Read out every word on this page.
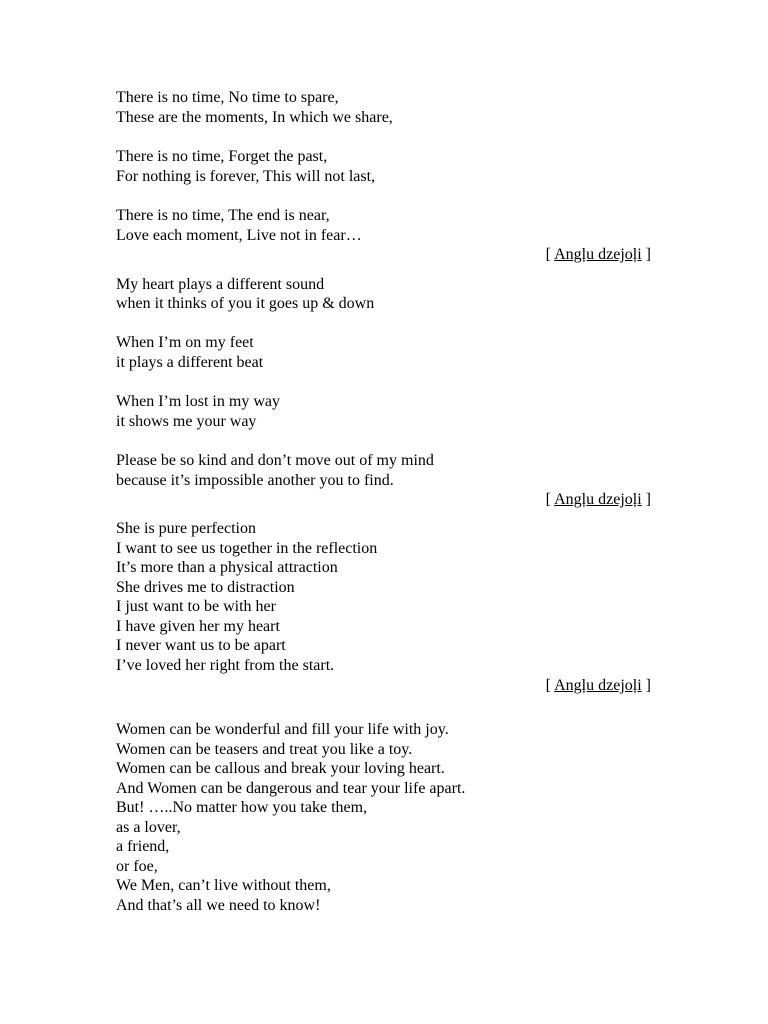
There is no time, No time to spare,
These are the moments, In which we share,
There is no time, Forget the past,
For nothing is forever, This will not last,
There is no time, The end is near,
Love each moment, Live not in fear…
[ Angļu dzejoļi ]
My heart plays a different sound
when it thinks of you it goes up & down
When I’m on my feet
it plays a different beat
When I’m lost in my way
it shows me your way
Please be so kind and don’t move out of my mind
because it’s impossible another you to find.
[ Angļu dzejoļi ]
She is pure perfection
I want to see us together in the reflection
It’s more than a physical attraction
She drives me to distraction
I just want to be with her
I have given her my heart
I never want us to be apart
I’ve loved her right from the start.
[ Angļu dzejoļi ]
Women can be wonderful and fill your life with joy.
Women can be teasers and treat you like a toy.
Women can be callous and break your loving heart.
And Women can be dangerous and tear your life apart.
But! …..No matter how you take them,
as a lover,
a friend,
or foe,
We Men, can’t live without them,
And that’s all we need to know!
